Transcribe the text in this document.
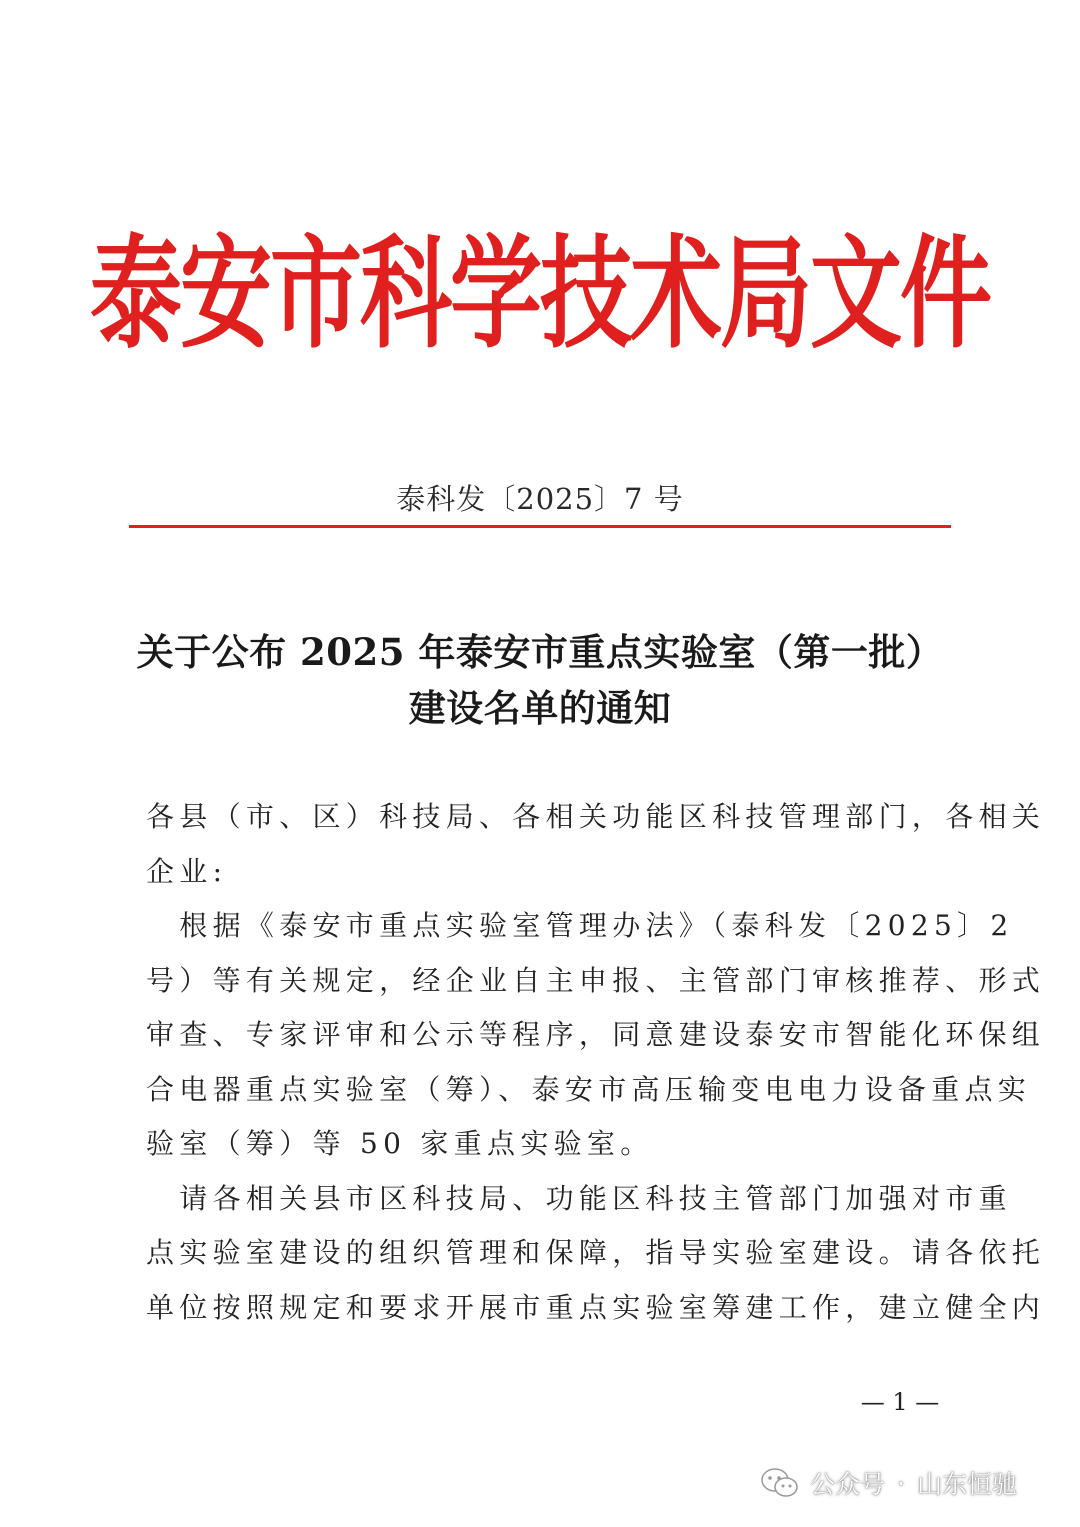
泰安市科学技术局文件
泰科发〔2025〕7 号
关于公布 2025 年泰安市重点实验室（第一批）
建设名单的通知
各县（市、区）科技局、各相关功能区科技管理部门，各相关
企业:
　根据《泰安市重点实验室管理办法》（泰科发〔2025〕2
号）等有关规定，经企业自主申报、主管部门审核推荐、形式
审查、专家评审和公示等程序，同意建设泰安市智能化环保组
合电器重点实验室（筹）、泰安市高压输变电电力设备重点实
验室（筹）等 50 家重点实验室。
　请各相关县市区科技局、功能区科技主管部门加强对市重
点实验室建设的组织管理和保障，指导实验室建设。请各依托
单位按照规定和要求开展市重点实验室筹建工作，建立健全内
— 1 —
公众号 · 山东恒驰
